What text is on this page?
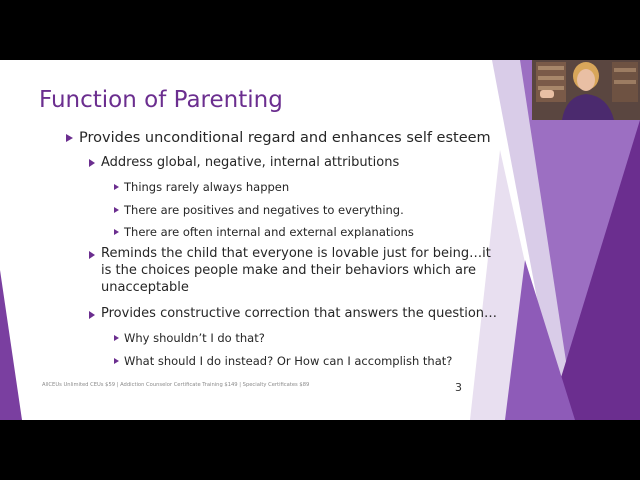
Function of Parenting
Provides unconditional regard and enhances self esteem
Address global, negative, internal attributions
Things rarely always happen
There are positives and negatives to everything.
There are often internal and external explanations
Reminds the child that everyone is lovable just for being…it is the choices people make and their behaviors which are unacceptable
Provides constructive correction that answers the question…
Why shouldn’t I do that?
What should I do instead? Or How can I accomplish that?
AllCEUs Unlimited CEUs $59 | Addiction Counselor Certificate Training $149 | Specialty Certificates $89	3
